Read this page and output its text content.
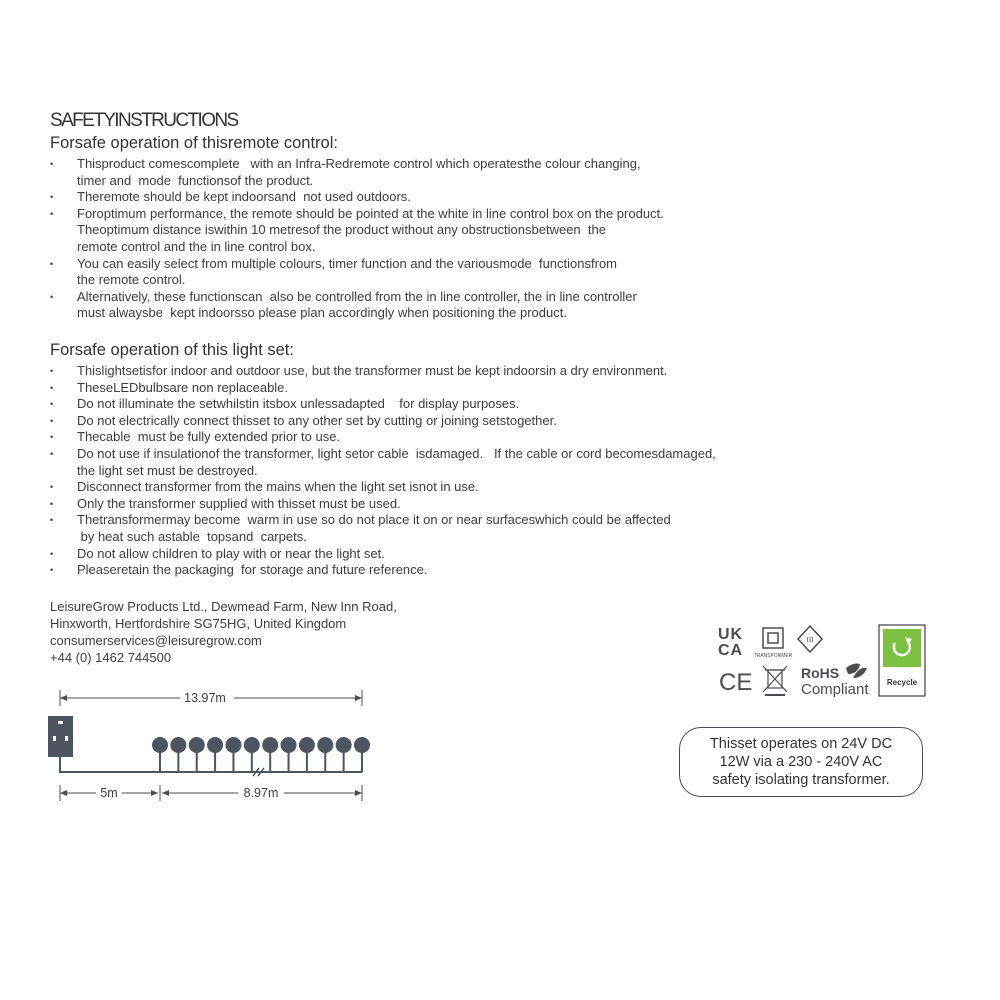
SAFETYINSTRUCTIONS
Forsafe operation of thisremote control:
• Thisproduct comescomplete   with an Infra-Redremote control which operatesthe colour changing,
timer and  mode  functionsof the product.
• Theremote should be kept indoorsand  not used outdoors.
• Foroptimum performance, the remote should be pointed at the white in line control box on the product.
Theoptimum distance iswithin 10 metresof the product without any obstructionsbetween  the
remote control and the in line control box.
• You can easily select from multiple colours, timer function and the variousmode  functionsfrom
the remote control.
• Alternatively, these functionscan  also be controlled from the in line controller, the in line controller
must alwaysbe  kept indoorsso please plan accordingly when positioning the product.
Forsafe operation of this light set:
• Thislightsetisfor indoor and outdoor use, but the transformer must be kept indoorsin a dry environment.
• TheseLEDbulbsare non replaceable.
• Do not illuminate the setwhilstin itsbox unlessadapted    for display purposes.
• Do not electrically connect thisset to any other set by cutting or joining setstogether.
• Thecable  must be fully extended prior to use.
• Do not use if insulationof the transformer, light setor cable  isdamaged.   If the cable or cord becomesdamaged,
the light set must be destroyed.
• Disconnect transformer from the mains when the light set isnot in use.
• Only the transformer supplied with thisset must be used.
• Thetransformermay become  warm in use so do not place it on or near surfaceswhich could be affected
by heat such astable  topsand  carpets.
• Do not allow children to play with or near the light set.
• Pleaseretain the packaging  for storage and future reference.
LeisureGrow Products Ltd., Dewmead Farm, New Inn Road,
Hinxworth, Hertfordshire SG75HG, United Kingdom
consumerservices@leisuregrow.com
+44 (0) 1462 744500
13.97m
5m	8.97m
UK
CA TRANSFORMER
III
CE	RoHS
Compliant Recycle
Thisset operates on 24V DC
12W via a 230 - 240V AC
safety isolating transformer.
